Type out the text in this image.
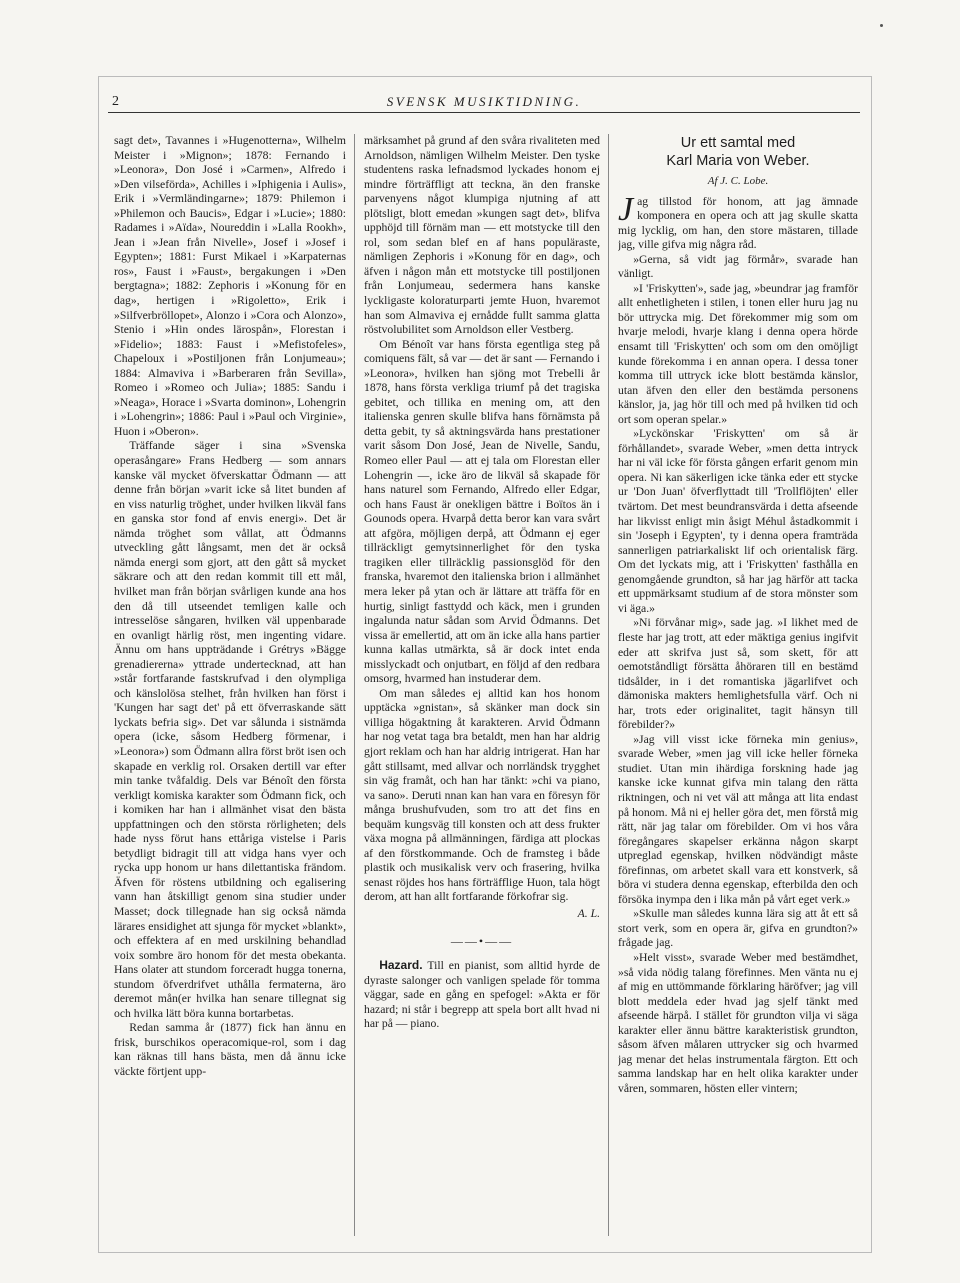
2	SVENSK MUSIKTIDNING.

sagt det», Tavannes i »Hugenotterna», Wilhelm Meister i »Mignon»; 1878: Fernando i »Leonora», Don José i »Carmen», Alfredo i »Den vilseförda», Achilles i »Iphigenia i Aulis», Erik i »Vermländingarne»; 1879: Philemon i »Philemon och Baucis», Edgar i »Lucie»; 1880: Radames i »Aïda», Noureddin i »Lalla Rookh», Jean i »Jean från Nivelle», Josef i »Josef i Egypten»; 1881: Furst Mikael i »Karpaternas ros», Faust i »Faust», bergakungen i »Den bergtagna»; 1882: Zephoris i »Konung för en dag», hertigen i »Rigoletto», Erik i »Silfverbröllopet», Alonzo i »Cora och Alonzo», Stenio i »Hin ondes lärospån», Florestan i »Fidelio»; 1883: Faust i »Mefistofeles», Chapeloux i »Postiljonen från Lonjumeau»; 1884: Almaviva i »Barberaren från Sevilla», Romeo i »Romeo och Julia»; 1885: Sandu i »Neaga», Horace i »Svarta dominon», Lohengrin i »Lohengrin»; 1886: Paul i »Paul och Virginie», Huon i »Oberon».

Träffande säger i sina »Svenska operasångare» Frans Hedberg — som annars kanske väl mycket öfverskattar Ödmann — att denne från början »varit icke så litet bunden af en viss naturlig tröghet, under hvilken likväl fans en ganska stor fond af envis energi». Det är nämda tröghet som vållat, att Ödmanns utveckling gått långsamt, men det är också nämda energi som gjort, att den gått så mycket säkrare och att den redan kommit till ett mål, hvilket man från början svårligen kunde ana hos den då till utseendet temligen kalle och intresselöse sångaren, hvilken väl uppenbarade en ovanligt härlig röst, men ingenting vidare. Ännu om hans uppträdande i Grétrys »Bägge grenadiererna» yttrade undertecknad, att han »står fortfarande fastskrufvad i den olympliga och känslolösa stelhet, från hvilken han först i 'Kungen har sagt det' på ett öfverraskande sätt lyckats befria sig». Det var sålunda i sistnämda opera (icke, såsom Hedberg förmenar, i »Leonora») som Ödmann allra först bröt isen och skapade en verklig rol. Orsaken dertill var efter min tanke tvåfaldig. Dels var Bénoît den första verkligt komiska karakter som Ödmann fick, och i komiken har han i allmänhet visat den bästa uppfattningen och den största rörligheten; dels hade nyss förut hans ettåriga vistelse i Paris betydligt bidragit till att vidga hans vyer och rycka upp honom ur hans dilettantiska frändom. Äfven för röstens utbildning och egalisering vann han åtskilligt genom sina studier under Masset; dock tillegnade han sig också nämda lärares ensidighet att sjunga för mycket »blankt», och effektera af en med urskilning behandlad voix sombre äro honom för det mesta obekanta. Hans olater att stundom forceradt hugga tonerna, stundom öfverdrifvet uthålla fermaterna, äro deremot mån(er hvilka han senare tillegnat sig och hvilka lätt böra kunna bortarbetas.

Redan samma år (1877) fick han ännu en frisk, burschikos operacomique-rol, som i dag kan räknas till hans bästa, men då ännu icke väckte förtjent upp-

märksamhet på grund af den svåra rivaliteten med Arnoldson, nämligen Wilhelm Meister. Den tyske studentens raska lefnadsmod lyckades honom ej mindre förträffligt att teckna, än den franske parvenyens något klumpiga njutning af att plötsligt, blott emedan »kungen sagt det», blifva upphöjd till förnäm man — ett motstycke till den rol, som sedan blef en af hans populäraste, nämligen Zephoris i »Konung för en dag», och äfven i någon mån ett motstycke till postiljonen från Lonjumeau, sedermera hans kanske lyckligaste koloraturparti jemte Huon, hvaremot han som Almaviva ej ernådde fullt samma glatta röstvolubilitet som Arnoldson eller Vestberg.

Om Bénoît var hans första egentliga steg på comiquens fält, så var — det är sant — Fernando i »Leonora», hvilken han sjöng mot Trebelli år 1878, hans första verkliga triumf på det tragiska gebitet, och tillika en mening om, att den italienska genren skulle blifva hans förnämsta på detta gebit, ty så aktningsvärda hans prestationer varit såsom Don José, Jean de Nivelle, Sandu, Romeo eller Paul — att ej tala om Florestan eller Lohengrin —, icke äro de likväl så skapade för hans naturel som Fernando, Alfredo eller Edgar, och hans Faust är onekligen bättre i Boïtos än i Gounods opera. Hvarpå detta beror kan vara svårt att afgöra, möjligen derpå, att Ödmann ej eger tillräckligt gemytsinnerlighet för den tyska tragiken eller tillräcklig passionsglöd för den franska, hvaremot den italienska brion i allmänhet mera leker på ytan och är lättare att träffa för en hurtig, sinligt fasttydd och käck, men i grunden ingalunda natur sådan som Arvid Ödmanns. Det vissa är emellertid, att om än icke alla hans partier kunna kallas utmärkta, så är dock intet enda misslyckadt och onjutbart, en följd af den redbara omsorg, hvarmed han instuderar dem.

Om man således ej alltid kan hos honom upptäcka »gnistan», så skänker man dock sin villiga högaktning åt karakteren. Arvid Ödmann har nog vetat taga bra betaldt, men han har aldrig gjort reklam och han har aldrig intrigerat. Han har gått stillsamt, med allvar och norrländsk trygghet sin väg framåt, och han har tänkt: »chi va piano, va sano». Deruti nnan kan han vara en föresyn för många brushufvuden, som tro att det fins en bequäm kungsväg till konsten och att dess frukter växa mogna på allmänningen, färdiga att plockas af den förstkommande. Och de framsteg i både plastik och musikalisk verv och frasering, hvilka senast röjdes hos hans förträfflige Huon, tala högt derom, att han allt fortfarande förkofrar sig.

A. L.
——•——

Hazard. Till en pianist, som alltid hyrde de dyraste salonger och vanligen spelade för tomma väggar, sade en gång en spefogel: »Akta er för hazard; ni står i begrepp att spela bort allt hvad ni har på — piano.

Ur ett samtal med
Karl Maria von Weber.
Af J. C. Lobe.

Jag tillstod för honom, att jag ämnade komponera en opera och att jag skulle skatta mig lycklig, om han, den store mästaren, tillade jag, ville gifva mig några råd.

»Gerna, så vidt jag förmår», svarade han vänligt.

»I 'Friskytten'», sade jag, »beundrar jag framför allt enhetligheten i stilen, i tonen eller huru jag nu bör uttrycka mig. Det förekommer mig som om hvarje melodi, hvarje klang i denna opera hörde ensamt till 'Friskytten' och som om den omöjligt kunde förekomma i en annan opera. I dessa toner komma till uttryck icke blott bestämda känslor, utan äfven den eller den bestämda personens känslor, ja, jag hör till och med på hvilken tid och ort som operan spelar.»

»Lyckönskar 'Friskytten' om så är förhållandet», svarade Weber, »men detta intryck har ni väl icke för första gången erfarit genom min opera. Ni kan säkerligen icke tänka eder ett stycke ur 'Don Juan' öfverflyttadt till 'Trollflöjten' eller tvärtom. Det mest beundransvärda i detta afseende har likvisst enligt min åsigt Méhul åstadkommit i sin 'Joseph i Egypten', ty i denna opera framträda sannerligen patriarkaliskt lif och orientalisk färg. Om det lyckats mig, att i 'Friskytten' fasthålla en genomgående grundton, så har jag härför att tacka ett uppmärksamt studium af de stora mönster som vi äga.»

»Ni förvånar mig», sade jag. »I likhet med de fleste har jag trott, att eder mäktiga genius ingifvit eder att skrifva just så, som skett, för att oemotståndligt försätta åhöraren till en bestämd tidsålder, in i det romantiska jägarlifvet och dämoniska makters hemlighetsfulla värf. Och ni har, trots eder originalitet, tagit hänsyn till förebilder?»

»Jag vill visst icke förneka min genius», svarade Weber, »men jag vill icke heller förneka studiet. Utan min ihärdiga forskning hade jag kanske icke kunnat gifva min talang den rätta riktningen, och ni vet väl att många att lita endast på honom. Må ni ej heller göra det, men förstå mig rätt, när jag talar om förebilder. Om vi hos våra föregångares skapelser erkänna någon skarpt utpreglad egenskap, hvilken nödvändigt måste förefinnas, om arbetet skall vara ett konstverk, så böra vi studera denna egenskap, efterbilda den och försöka inympa den i lika mån på vårt eget verk.»

»Skulle man således kunna lära sig att åt ett så stort verk, som en opera är, gifva en grundton?» frågade jag.

»Helt visst», svarade Weber med bestämdhet, »så vida nödig talang förefinnes. Men vänta nu ej af mig en uttömmande förklaring häröfver; jag vill blott meddela eder hvad jag sjelf tänkt med afseende härpå. I stället för grundton vilja vi säga karakter eller ännu bättre karakteristisk grundton, såsom äfven målaren uttrycker sig och hvarmed jag menar det helas instrumentala färgton. Ett och samma landskap har en helt olika karakter under våren, sommaren, hösten eller vintern;
